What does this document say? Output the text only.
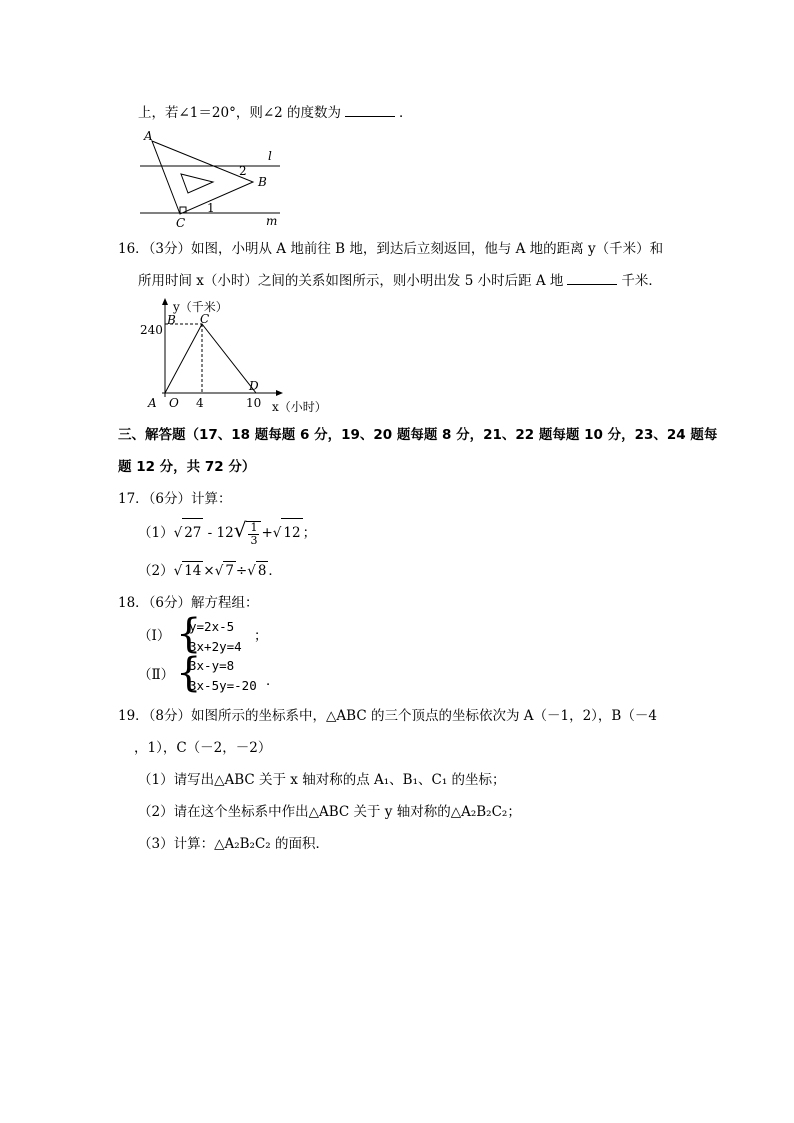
上，若∠1＝20°，则∠2 的度数为	．
A
B
C
l
m
2
1
16．（3分）如图，小明从 A 地前往 B 地，到达后立刻返回，他与 A 地的距离 y（千米）和
所用时间 x（小时）之间的关系如图所示，则小明出发 5 小时后距 A 地	千米．
y（千米）
240
B C
D
A O 4	10 x（小时）
三、解答题（17、18 题每题 6 分，19、20 题每题 8 分，21、22 题每题 10 分，23、24 题每
题 12 分，共 72 分）
17．（6分）计算：
（1）√ $27 - 12√ \frac{1}{3}$ +√ 12 ；
（2）√ 14 ×√ 7 ÷√ 8 ．
18．（6分）解方程组：
（Ⅰ） {
y=2x-5
3x+2y=4
；
（Ⅱ） {
3x-y=8
3x-5y=-20 ．
19．（8分）如图所示的坐标系中，△ABC 的三个顶点的坐标依次为 A（－1，2），B（－4
，1），C（－2，－2）
（1）请写出△ABC 关于 x 轴对称的点 A₁、B₁、C₁ 的坐标；
（2）请在这个坐标系中作出△ABC 关于 y 轴对称的△A₂B₂C₂；
（3）计算：△A₂B₂C₂ 的面积．
